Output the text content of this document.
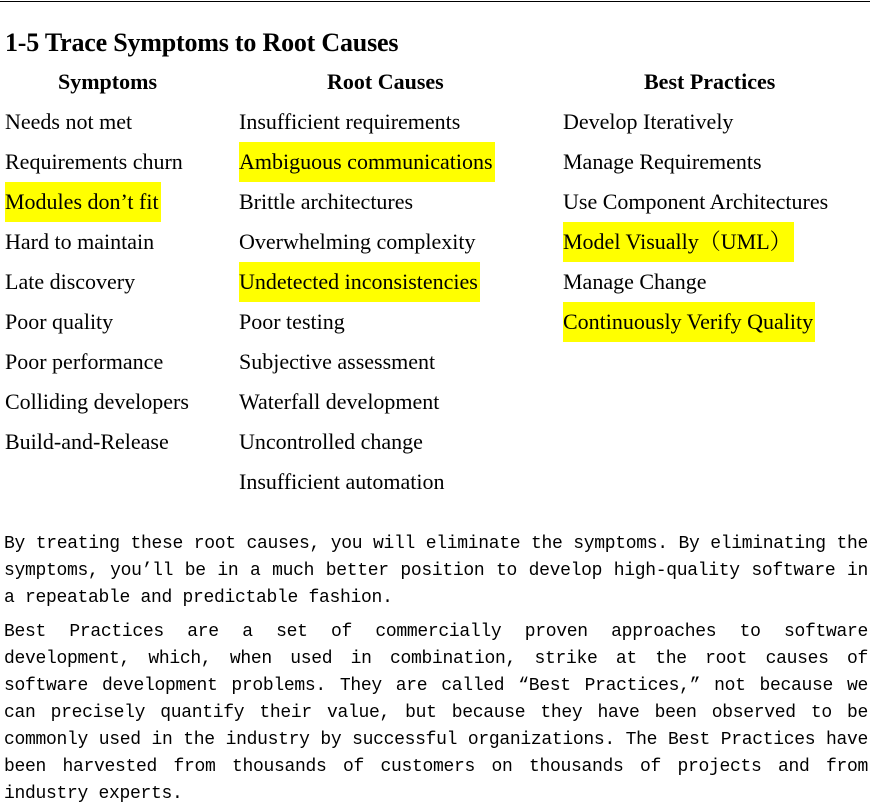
1-5 Trace Symptoms to Root Causes
Symptoms
Needs not met
Requirements churn
Modules don’t fit
Hard to maintain
Late discovery
Poor quality
Poor performance
Colliding developers
Build-and-Release
Root Causes
Insufficient requirements
Ambiguous communications
Brittle architectures
Overwhelming complexity
Undetected inconsistencies
Poor testing
Subjective assessment
Waterfall development
Uncontrolled change
Insufficient automation
Best Practices
Develop Iteratively
Manage Requirements
Use Component Architectures
Model Visually（UML）
Manage Change
Continuously Verify Quality

By treating these root causes, you will eliminate the symptoms. By eliminating the symptoms, you’ll be in a much better position to develop high-quality software in a repeatable and predictable fashion.

Best Practices are a set of commercially proven approaches to software development, which, when used in combination, strike at the root causes of software development problems. They are called “Best Practices,” not because we can precisely quantify their value, but because they have been observed to be commonly used in the industry by successful organizations. The Best Practices have been harvested from thousands of customers on thousands of projects and from industry experts.
